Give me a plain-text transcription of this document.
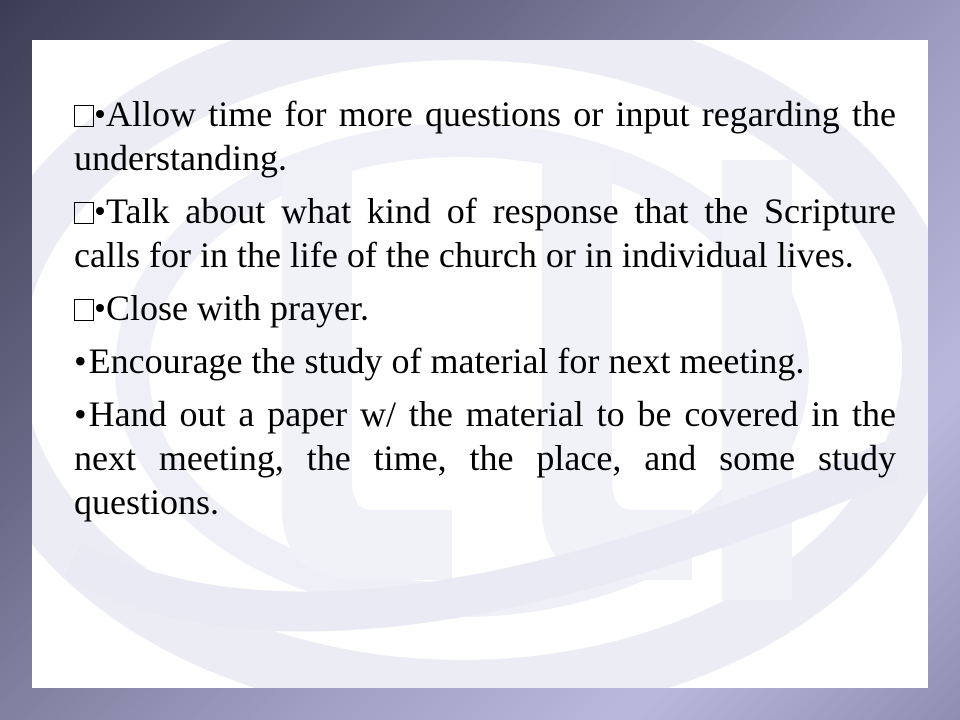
Allow time for more questions or input regarding the understanding.

Talk about what kind of response that the Scripture calls for in the life of the church or in individual lives.

Close with prayer.

•Encourage the study of material for next meeting.

•Hand out a paper w/ the material to be covered in the next meeting, the time, the place, and some study questions.
